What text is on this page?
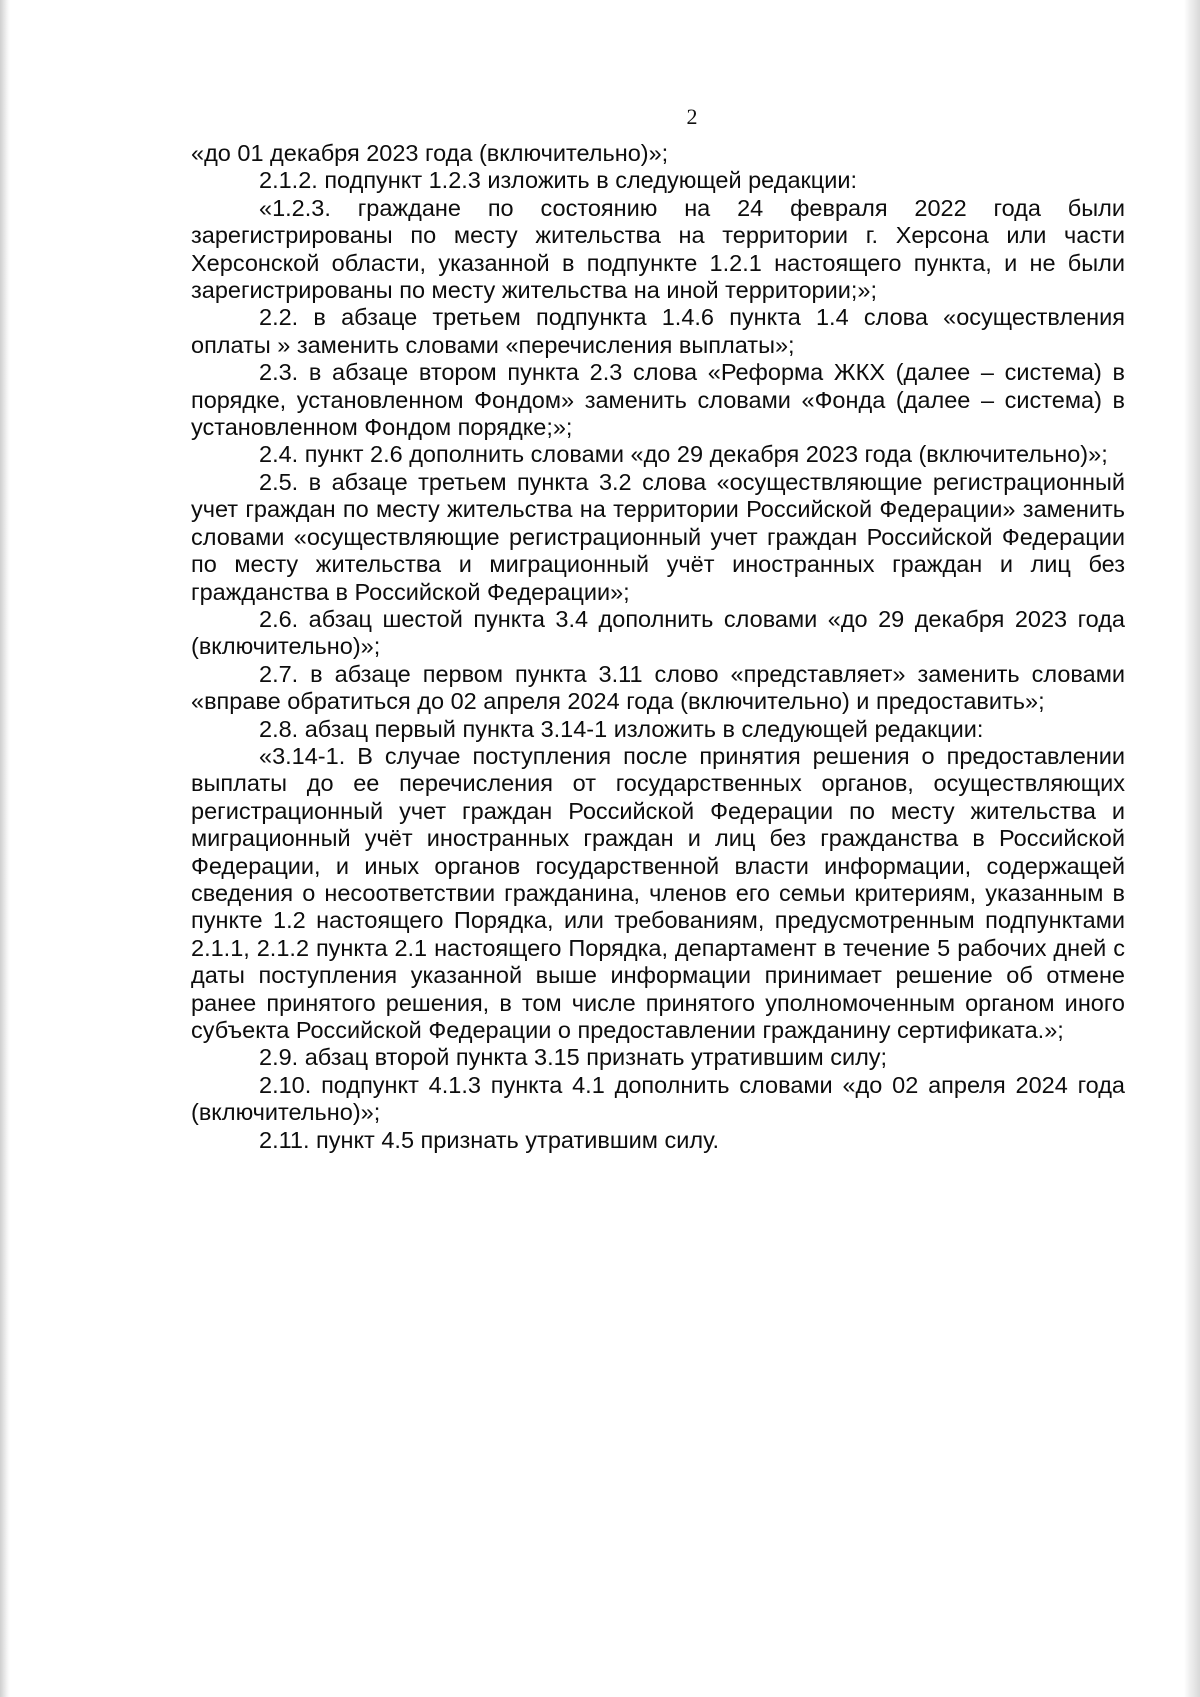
2

«до 01 декабря 2023 года (включительно)»;

2.1.2. подпункт 1.2.3 изложить в следующей редакции:

«1.2.3. граждане по состоянию на 24 февраля 2022 года были зарегистрированы по месту жительства на территории г. Херсона или части Херсонской области, указанной в подпункте 1.2.1 настоящего пункта, и не были зарегистрированы по месту жительства на иной территории;»;

2.2. в абзаце третьем подпункта 1.4.6 пункта 1.4 слова «осуществления оплаты » заменить словами «перечисления выплаты»;

2.3. в абзаце втором пункта 2.3 слова «Реформа ЖКХ (далее – система) в порядке, установленном Фондом» заменить словами «Фонда (далее – система) в установленном Фондом порядке;»;

2.4. пункт 2.6 дополнить словами «до 29 декабря 2023 года (включительно)»;

2.5. в абзаце третьем пункта 3.2 слова «осуществляющие регистрационный учет граждан по месту жительства на территории Российской Федерации» заменить словами «осуществляющие регистрационный учет граждан Российской Федерации по месту жительства и миграционный учёт иностранных граждан и лиц без гражданства в Российской Федерации»;

2.6. абзац шестой пункта 3.4 дополнить словами «до 29 декабря 2023 года (включительно)»;

2.7. в абзаце первом пункта 3.11 слово «представляет» заменить словами «вправе обратиться до 02 апреля 2024 года (включительно) и предоставить»;

2.8. абзац первый пункта 3.14-1 изложить в следующей редакции:

«3.14-1. В случае поступления после принятия решения о предоставлении выплаты до ее перечисления от государственных органов, осуществляющих регистрационный учет граждан Российской Федерации по месту жительства и миграционный учёт иностранных граждан и лиц без гражданства в Российской Федерации, и иных органов государственной власти информации, содержащей сведения о несоответствии гражданина, членов его семьи критериям, указанным в пункте 1.2 настоящего Порядка, или требованиям, предусмотренным подпунктами 2.1.1, 2.1.2 пункта 2.1 настоящего Порядка, департамент в течение 5 рабочих дней с даты поступления указанной выше информации принимает решение об отмене ранее принятого решения, в том числе принятого уполномоченным органом иного субъекта Российской Федерации о предоставлении гражданину сертификата.»;

2.9. абзац второй пункта 3.15 признать утратившим силу;

2.10. подпункт 4.1.3 пункта 4.1 дополнить словами «до 02 апреля 2024 года (включительно)»;

2.11. пункт 4.5 признать утратившим силу.
